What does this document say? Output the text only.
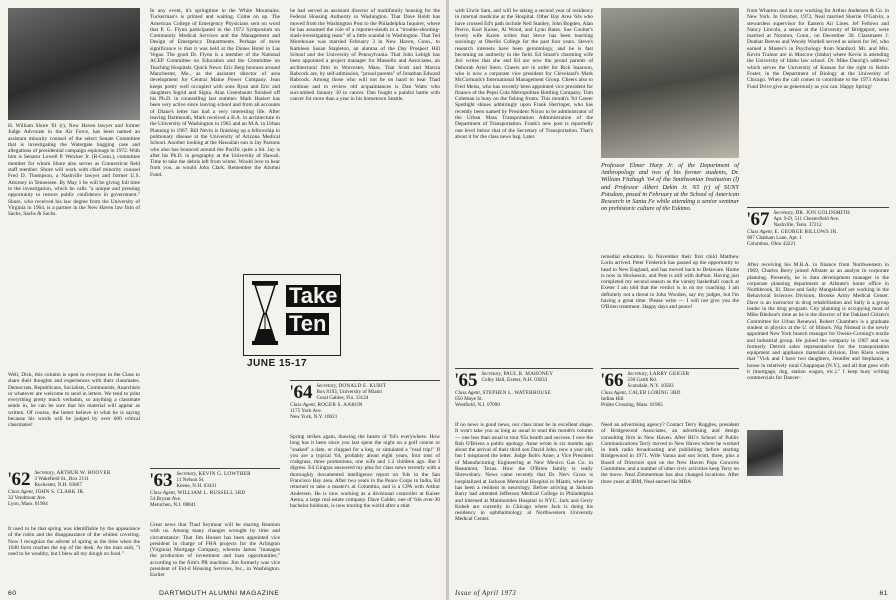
H. William Shure '61 (r), New Haven lawyer and former Judge Advocate in the Air Force, has been named an assistant minority counsel of the select Senate Committee that is investigating the Watergate bugging case and allegations of presidential campaign espionage in 1972. With him is Senator Lowell P. Weicker Jr. (R-Conn.), committee member for whom Shure also serves as Connecticut field staff member. Shure will work with chief minority counsel Fred D. Thompson, a Nashville lawyer and former U.S. Attorney in Tennessee. By May 1 he will be giving full time to the investigation, which he calls "a unique and pressing opportunity to restore public confidence in government." Shure, who received his law degree from the University of Virginia in 1964, is a partner in the New Haven law firm of Sachs, Sachs & Sachs.
Well, Dick, this column is open to everyone in the Class to share their thoughts and experiences with their classmates. Democrats, Republicans, Socialists, Communists, Anarchists or whatever are welcome to send in letters. We tend to print everything pretty much verbatim, so anything a classmate sends in, he can be sure that his material will appear as written. Of course, the better believe in what he is saying because his words will be judged by over 600 critical classmates!
' 62 Secretary, ARTHUR W. HOOVER
3 Wakefield St., Box 2111
Rochester, N.H. 03867
Class Agent, JOHN S. CLARK JR.
32 Vendmont Ave.
Lyon, Mass. 01904
It used to be that spring was identifiable by the appearance of the robin and the disappearance of the whitest covering. Now I recognize the advent of spring as the time when the 1040 form reaches the top of the desk. As the man said, "I used to be wealthy, but I blew all my dough on food."
In any event, it's springtime in the White Mountains. Tuckerman's is primed and waiting. Come on up. The American College of Emergency Physicians sent on word that P. G. Flynn participated in the 1972 Symposium on Community Medical Services and the Management and Design of Emergency Departments. Perhaps of more significance is that it was held at the Dunes Hotel in Las Vegas. The good Dr. Flynn is a member of the National ACEP Committee on Education and the Committee on Teaching Hospitals. Quick News: Eric Berg bounces around Manchester, Me., as the assistant director of area development for Central Maine Power Company. Jean keeps pretty well occupied with sons Ryan and Eric and daughters Ingrid and Signa. Alan Greenbaum finished off his Ph.D. in counselling last summer. Mark Hasiert has been very active since leaving school and from all accounts of Diane's letter has had a very interesting life. After leaving Dartmouth, Mark received a B.A. in architecture in the University of Washington in 1965 and an M.A. in Urban Planning in 1967. Bill Nevin is finishing up a fellowship in pulmonary disease at the University of Arizona Medical School. Another looking at the Hawaiian sun is Jay Parsons who also has bounced around the Pacific quite a bit. Jay is after his Ph.D. in geography at the University of Hawaii. Time to take the debris left from winter. Would love to hear from you, as would John Clark. Remember the Alumni Fund.
' 63 Secretary, KEVIN G. LOWTHER
11 Nelson St.
Keene, N.H. 03431
Class Agent, WILLIAM L. RUSSELL 3RD
54 Bryant Ave.
Metuchen, N.J. 08841
Great news that Thad Seymour will be sharing Reunion with us. Among many changes wrought by time and circumstance: That Jim Houser has been appointed vice president in charge of FHA projects for the Arlington (Virginia) Mortgage Company, wherein James "manages the production of investment and loan opportunities," according to the firm's PR machine. Jim formerly was vice president of Eid-il Housing Services, Inc., in Washington. Earlier
he had served as assistant director of multifamily housing for the Federal Housing Authority in Washington. That Dave Boldt has moved from the Washington Post to the Philadelphia Inquirer, where he has assumed the role of a reporter-sleuth in a "trouble-shooting-slash-investigating team" of a little scandal in Washington. That Ted Morehouse was married February 3 in New Haven, Conn., to Kathleen Susan Stapleton, an alumna of the Day Prospect Hill School and the University of Pennsylvania. That John Lehigh has been appointed a project manager for Massello and Associates, an architectural firm in Worcester, Mass. That Scott and Marcia Babcock are, by self-admission, "proud parents" of Jonathan Edward Babcock. Among those who will not be on hand to hear Thad continue and to review old acquaintances is Dan Watts who succumbed January 30 to cancer. Dan fought a painful battle with cancer for more than a year in his hometown Seattle.
Take
Ten
JUNE 15-17
' 64 Secretary, DONALD E. KUBIT
Box 8193, University of Miami
Coral Gables, Fla. 33124
Class Agent, ROGER S. AARON
1175 York Ave.
New York, N.Y. 10021
Spring strikes again, thawing the hearts of '64's everywhere. How long has it been since you last spent the night on a golf course or "snaked" a date, or chipped for a keg, or simulated a "road trip!" If you are a typical '64, probably about eight years, four tons of crabgrass, three promotions, one wife and 1.2 children ago. But I digress. Ed Gingras answered my plea for class news recently with a thoroughly documented intelligence report on '64s in the San Francisco Bay area. After two years in the Peace Corps in India, Ed returned to take a master's at Columbia, and is a CPA with Arthur Andersen. He is now working as a divisional controller at Kaiser Aetna, a large real estate company. Dave Calder, one of '64s over-30 bachelor holdouts, is now touring the world after a stint
60
with Uncle Sam, and will be taking a second year of residency in internal medicine at the Hospital. Other Bay Area '64s who have crossed Ed's path include Neil Stanley, John Bogden, Alan Pierce, Kurt Kaiser, Al Wood, and Lynn Bates. Sue Coulter's lovely wife Karen writes that Steve has been teaching sociology at Oberlin College for the past four years. Steve's research interests have been gerontology, and he is fast becoming an authority in the field. Ed Smart's charming wife Jeri writes that she and Ed are now the proud parents of Deborah Ariel Stern. Cheers are in order for Rick Isaacson, who is now a corporate vice president for Cleveland's Mark McCormack's International Management Group. Cheers also to Fred Meiss, who has recently been appointed vice president for finance of the Pepsi Cola Metropolitan Bottling Company. Tom Coleman is busy on the fishing fronts. This month's '64 Career Spotlight shines admiringly upon Frank Herringer, who has recently been named by President Nixon to be administrator of the Urban Mass Transportation Administration of the Department of Transportation. Frank's new post is reportedly one level below that of the Secretary of Transportation. That's about it for the class news bag. Later.
' 65 Secretary, PAUL R. MAHONEY
Colby Hall, Exeter, N.H. 03833
Class Agent, STEPHEN L. WATERHOUSE
650 Maye St.
Westfield, N.J. 07090
If no news is good news, our class must be in excellent shape. It won't take you as long as usual to read this month's column — one less than usual to tout '65s health and success. I owe the Bob O'Briens a public apology. Anne wrote in six months ago about the arrival of their third son David John, now a year old, but I misplaced the letter. Judge Bob's Anne, a Vice President of Manufacturing Engineering at New Mexico Gas Co. in Beaumont, Texas. How the O'Brien family is really Shrewsbury. News came recently that Dr. Nerv Gross is hospitalized at Jackson Memorial Hospital in Miami, where he has been a resident in neurology. Before arriving at Jackson Barry had attended Jefferson Medical College in Philadelphia and interned at Maimonides Hospital in NYC. Jack and Gerry Kubek are currently in Chicago where Jack is doing his residency in ophthalmology at Northwestern University Medical Center.
Professor Elmer Harp Jr. of the Department of Anthropology and two of his former students, Dr. William Fitzhugh '64 of the Smithsonian Institution (l) and Professor Albert Dekin Jr. '65 (r) of SUNY Potsdam, posed in February at the School of American Research in Santa Fe while attending a senior seminar on prehistoric culture of the Eskimo.
remedial education. In November their first child Matthew Lorin arrived. Peter Frederick has passed up the opportunity to head to New England, and has moved back to Delaware. Home is now in Hockessin, and Pete is still with duPont. Having just completed my second season as the varsity basketball coach at Exeter I am told that the verdict is in on my coaching. I am definitely not a threat to John Wooden, say my judges, but I'm having a great time. Please write — I will not give you the O'Brien treatment. Happy days and peace!
' 66 Secretary, LARRY GEIGER
230 Garth Rd.
Scarsdale, N.Y. 10583
Class Agent, CALEB LORING 3RD
Indian Hill
Prides Crossing, Mass. 01965
Need an advertising agency? Contact Terry Ruggles, president of Bridgewood Associates, an advertising and design consulting firm in New Haven. After BU's School of Public Communications Terry moved to New Haven where he worked in both radio broadcasting and publishing before starting Bridgewood in 1971. Wife Vanna and son Scott, three, plus a Board of Directors spot on the New Haven Pops Concerts Committee, and a number of other civic activities keep Terry on the move. Neal Zimmerman has also changed locations. After three years at IBM, Neal earned his MBA
from Wharton and is now working for Arthur Andersen & Co. in New York. In October, 1972, Neal married Sherrie O'Galvin, a stewardess supervisor for Eastern Air Lines. Jef Fellows and Nancy Lincoln, a senior at the University of Bridgeport, were married at Noroton, Conn., on December 30. Classmates J. Dunbar Reeves and Woody Wardell served as ushers for Jef, who earned a Master's in Psychology from Stanford. Mr. and Mrs. Kevin Trainor are in Moscow (Idaho) where Kevin is attending the University of Idaho law school. Dr. Mike Dancig's address? which serves the University of Kansas for the right to Robin Foster, in the Department of Biology at the University of Chicago. When the call comes to contribute to the 1973 Alumni Fund Drive give as generously as you can. Happy Spring!
' 67 Secretary, DR. JON GOLDSMITH
Apt. 9-D, 511 Chesterfield Ave.
Nashville, Tenn. 37212
Class Agent, E. GEORGE BILLOWS JR.
907 Chatham Lane, Apt. 1
Columbus, Ohio 43221
After receiving his M.B.A. in finance from Northwestern in 1969, Charles Berry joined Allstate as an analyst in corporate planning. Presently, he is data development manager in the corporate planning department at Allstate's home office in Northbrook, Ill. Dave and Sally Mangelsdorf are working in the Behavioral Sciences Division, Brooke Army Medical Center. Dave is an instructor in drug rehabilitation and Sally is a group leader in the drug program. City planning is occupying most of Mike Bledsoe's time as he is the director of the Oakland Citizen's Committee for Urban Renewal. Robert Chambers is a graduate student in physics at the U. of Illinois. Nip Nistead is the newly appointed New York branch manager for Owens-Corning's textile and industrial group. He joined the company in 1967 and was formerly Detroit sales representative for the transportation equipment and appliance materials division. Don Klein writes that "Vick and I have two daughters, Jennifer and Stephanie, a house in relatively rural Chappaqua (N.Y.), and all that goes with it (mortgage, dog, station wagon, etc.)." I keep busy writing commercials for Dancer-
DARTMOUTH ALUMNI MAGAZINE	Issue of April 1973	61
